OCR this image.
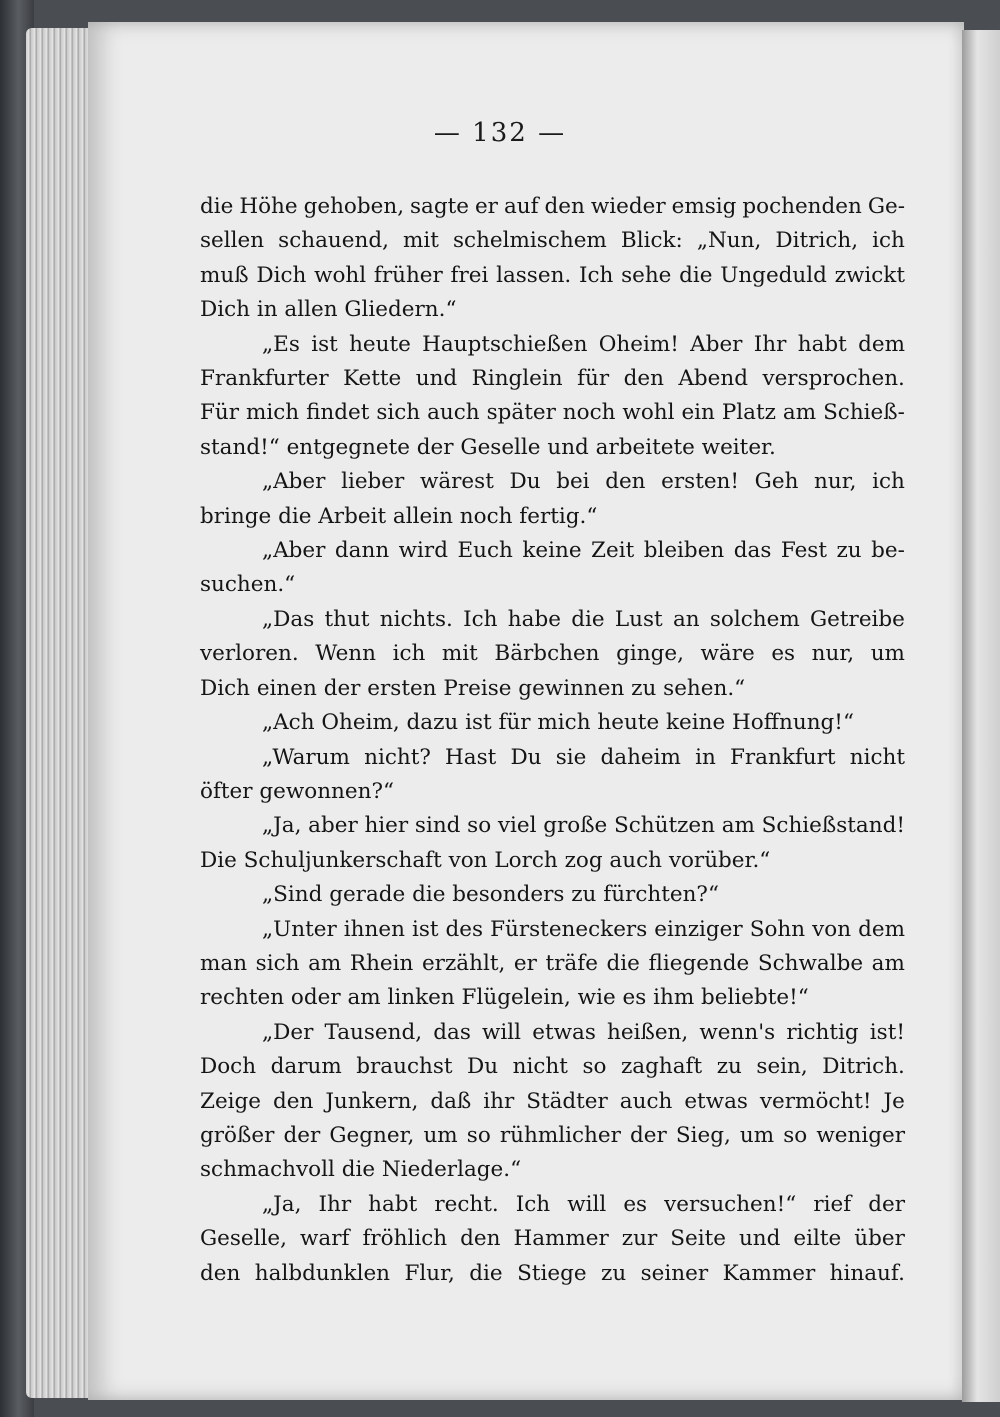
— 132 —
die Höhe gehoben, sagte er auf den wieder emsig pochenden Ge-
sellen schauend, mit schelmischem Blick: „Nun, Ditrich, ich
muß Dich wohl früher frei lassen. Ich sehe die Ungeduld zwickt
Dich in allen Gliedern.“
„Es ist heute Hauptschießen Oheim! Aber Ihr habt dem
Frankfurter Kette und Ringlein für den Abend versprochen.
Für mich findet sich auch später noch wohl ein Platz am Schieß-
stand!“ entgegnete der Geselle und arbeitete weiter.
„Aber lieber wärest Du bei den ersten! Geh nur, ich
bringe die Arbeit allein noch fertig.“
„Aber dann wird Euch keine Zeit bleiben das Fest zu be-
suchen.“
„Das thut nichts. Ich habe die Lust an solchem Getreibe
verloren. Wenn ich mit Bärbchen ginge, wäre es nur, um
Dich einen der ersten Preise gewinnen zu sehen.“
„Ach Oheim, dazu ist für mich heute keine Hoffnung!“
„Warum nicht? Hast Du sie daheim in Frankfurt nicht
öfter gewonnen?“
„Ja, aber hier sind so viel große Schützen am Schießstand!
Die Schuljunkerschaft von Lorch zog auch vorüber.“
„Sind gerade die besonders zu fürchten?“
„Unter ihnen ist des Fürsteneckers einziger Sohn von dem
man sich am Rhein erzählt, er träfe die fliegende Schwalbe am
rechten oder am linken Flügelein, wie es ihm beliebte!“
„Der Tausend, das will etwas heißen, wenn's richtig ist!
Doch darum brauchst Du nicht so zaghaft zu sein, Ditrich.
Zeige den Junkern, daß ihr Städter auch etwas vermöcht! Je
größer der Gegner, um so rühmlicher der Sieg, um so weniger
schmachvoll die Niederlage.“
„Ja, Ihr habt recht. Ich will es versuchen!“ rief der
Geselle, warf fröhlich den Hammer zur Seite und eilte über
den halbdunklen Flur, die Stiege zu seiner Kammer hinauf.
